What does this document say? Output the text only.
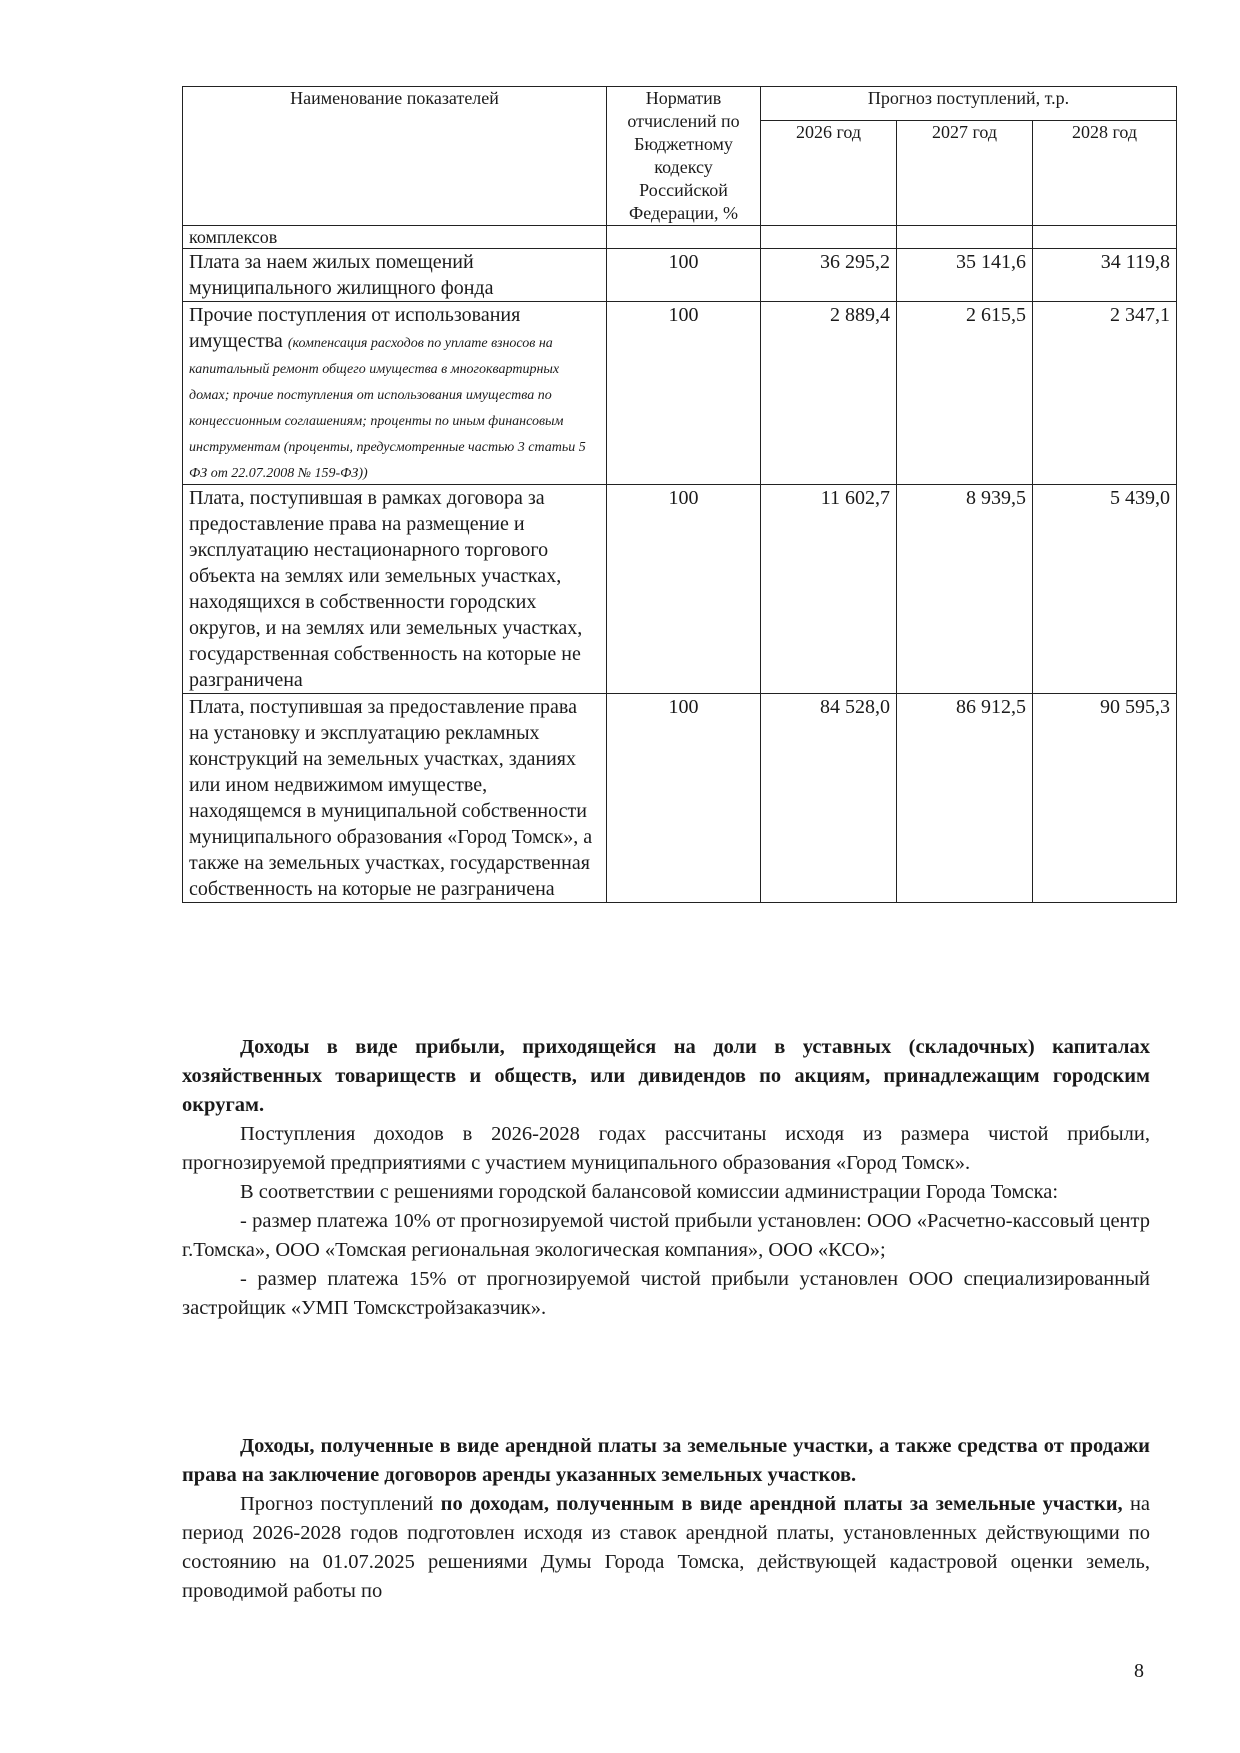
Наименование показателей	Норматив отчислений по Бюджетному кодексу Российской Федерации, %	Прогноз поступлений, т.р.		
		2026 год	2027 год	2028 год
комплексов				
Плата за наем жилых помещений муниципального жилищного фонда	100	36 295,2	35 141,6	34 119,8
Прочие поступления от использования имущества (компенсация расходов по уплате взносов на капитальный ремонт общего имущества в многоквартирных домах; прочие поступления от использования имущества по концессионным соглашениям; проценты по иным финансовым инструментам (проценты, предусмотренные частью 3 статьи 5 ФЗ от 22.07.2008 № 159-ФЗ))	100	2 889,4	2 615,5	2 347,1
Плата, поступившая в рамках договора за предоставление права на размещение и эксплуатацию нестационарного торгового объекта на землях или земельных участках, находящихся в собственности городских округов, и на землях или земельных участках, государственная собственность на которые не разграничена	100	11 602,7	8 939,5	5 439,0
Плата, поступившая за предоставление права на установку и эксплуатацию рекламных конструкций на земельных участках, зданиях или ином недвижимом имуществе, находящемся в муниципальной собственности муниципального образования «Город Томск», а также на земельных участках, государственная собственность на которые не разграничена	100	84 528,0	86 912,5	90 595,3

Доходы в виде прибыли, приходящейся на доли в уставных (складочных) капиталах хозяйственных товариществ и обществ, или дивидендов по акциям, принадлежащим городским округам.

Поступления доходов в 2026-2028 годах рассчитаны исходя из размера чистой прибыли, прогнозируемой предприятиями с участием муниципального образования «Город Томск».

В соответствии с решениями городской балансовой комиссии администрации Города Томска:

- размер платежа 10% от прогнозируемой чистой прибыли установлен: ООО «Расчетно-кассовый центр г.Томска», ООО «Томская региональная экологическая компания», ООО «КСО»;

- размер платежа 15% от прогнозируемой чистой прибыли установлен ООО специализированный застройщик «УМП Томскстройзаказчик».

Доходы, полученные в виде арендной платы за земельные участки, а также средства от продажи права на заключение договоров аренды указанных земельных участков.

Прогноз поступлений по доходам, полученным в виде арендной платы за земельные участки, на период 2026-2028 годов подготовлен исходя из ставок арендной платы, установленных действующими по состоянию на 01.07.2025 решениями Думы Города Томска, действующей кадастровой оценки земель, проводимой работы по

8
